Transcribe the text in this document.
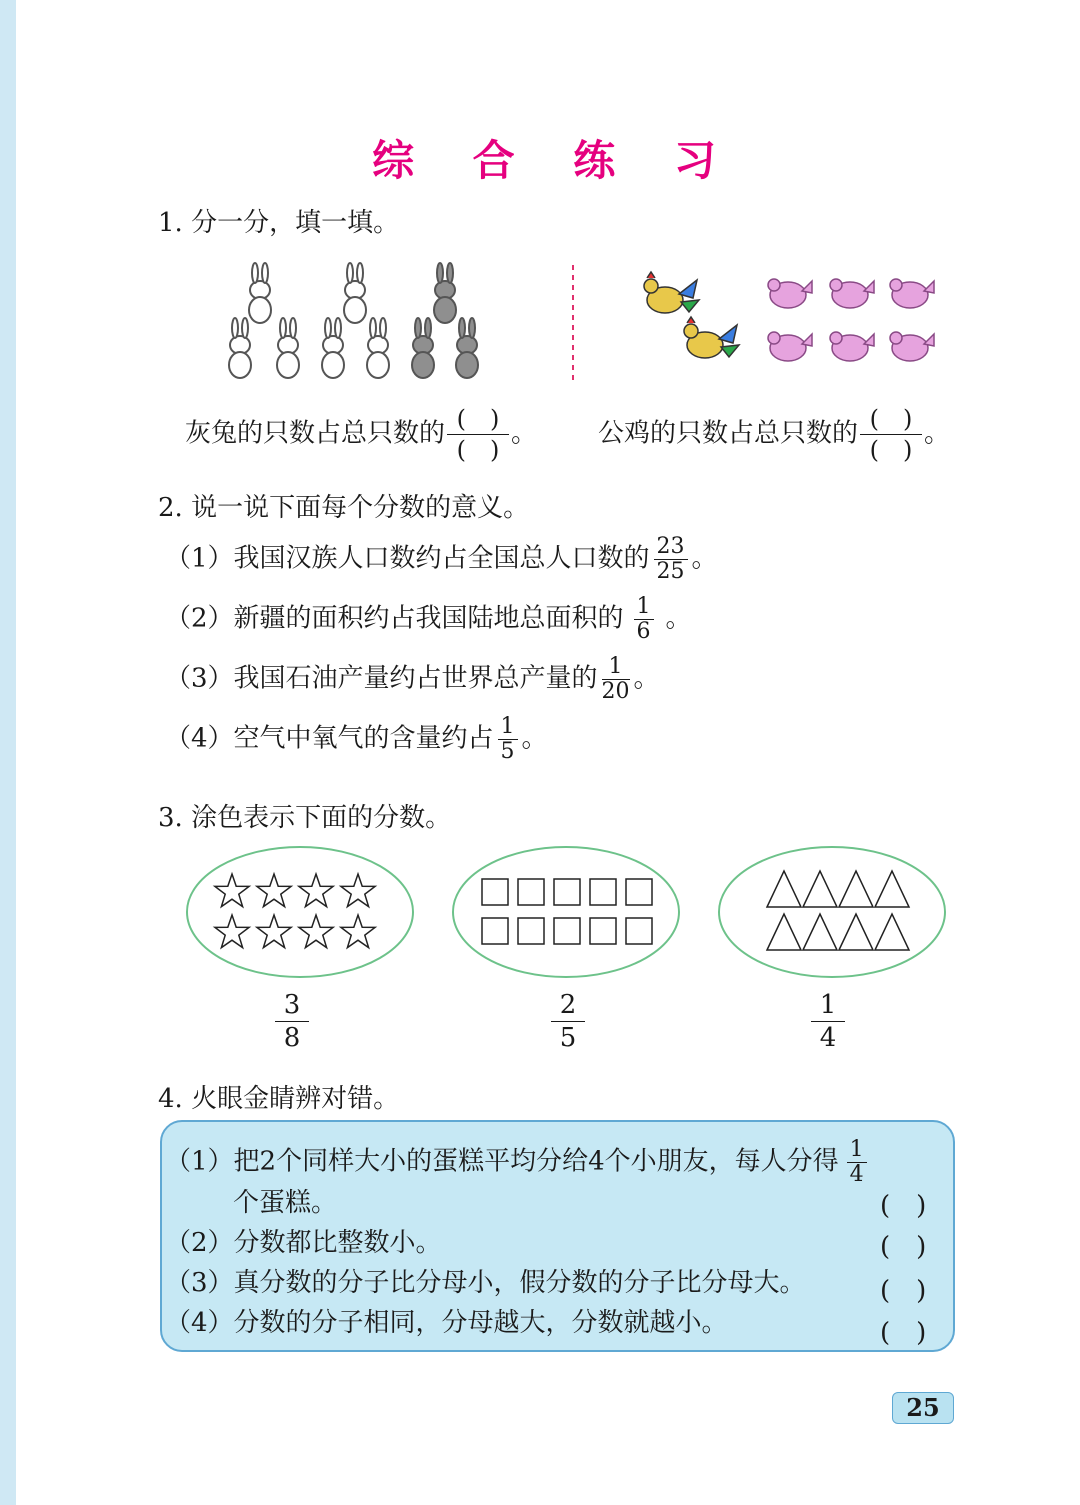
综 合 练 习
1. 分一分，填一填。
灰兔的只数占总只数的 (　)
(　)
。 公鸡的只数占总只数的 (　)
(　)
。
2. 说一说下面每个分数的意义。
（1）我国汉族人口数约占全国总人口数的 $\frac{23}{25}$ 。
（2）新疆的面积约占我国陆地总面积的 $\frac{1}{6}$ 。
（3）我国石油产量约占世界总产量的 $\frac{1}{20}$ 。
（4）空气中氧气的含量约占 $\frac{1}{5}$ 。
3. 涂色表示下面的分数。
3
8
2
5
1
4
4. 火眼金睛辨对错。
（1）把2个同样大小的蛋糕平均分给4个小朋友，每人分得 $\frac{1}{4}$
个蛋糕。	(　)
（2）分数都比整数小。	(　)
（3）真分数的分子比分母小，假分数的分子比分母大。	(　)
（4）分数的分子相同，分母越大，分数就越小。	(　)
25
